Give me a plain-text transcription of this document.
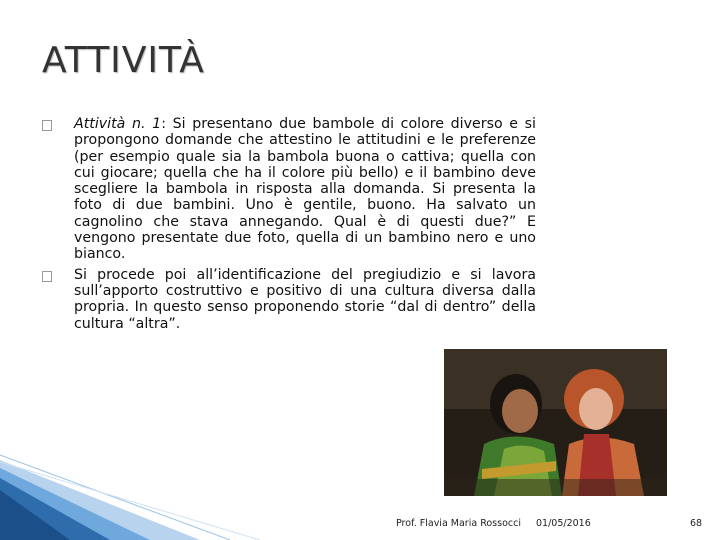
ATTIVITÀ
Attività n. 1: Si presentano due bambole di colore diverso e si propongono domande che attestino le attitudini e le preferenze (per esempio quale sia la bambola buona o cattiva; quella con cui giocare; quella che ha il colore più bello) e il bambino deve scegliere la bambola in risposta alla domanda. Si presenta la foto di due bambini. Uno è gentile, buono. Ha salvato un cagnolino che stava annegando. Qual è di questi due?” E vengono presentate due foto, quella di un bambino nero e uno bianco.
Si procede poi all’identificazione del pregiudizio e si lavora sull’apporto costruttivo e positivo di una cultura diversa dalla propria. In questo senso proponendo storie “dal di dentro” della cultura “altra”.
Prof. Flavia Maria Rossocci 01/05/2016	68
